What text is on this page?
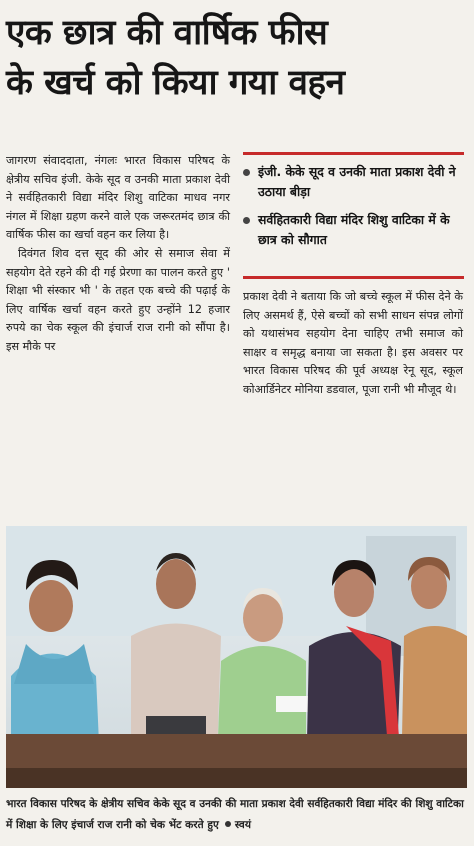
एक छात्र की वार्षिक फीस
के खर्च को किया गया वहन

जागरण संवाददाता, नंगलः भारत विकास परिषद के क्षेत्रीय सचिव इंजी. केके सूद व उनकी माता प्रकाश देवी ने सर्वहितकारी विद्या मंदिर शिशु वाटिका माधव नगर नंगल में शिक्षा ग्रहण करने वाले एक जरूरतमंद छात्र की वार्षिक फीस का खर्चा वहन कर लिया है।

दिवंगत शिव दत्त सूद की ओर से समाज सेवा में सहयोग देते रहने की दी गई प्रेरणा का पालन करते हुए ' शिक्षा भी संस्कार भी ' के तहत एक बच्चे की पढ़ाई के लिए वार्षिक खर्चा वहन करते हुए उन्होंने 12 हजार रुपये का चेक स्कूल की इंचार्ज राज रानी को सौंपा है। इस मौके पर

इंजी. केके सूद व उनकी माता प्रकाश देवी ने उठाया बीड़ा
सर्वहितकारी विद्या मंदिर शिशु वाटिका में के छात्र को सौगात

प्रकाश देवी ने बताया कि जो बच्चे स्कूल में फीस देने के लिए असमर्थ हैं, ऐसे बच्चों को सभी साधन संपन्न लोगों को यथासंभव सहयोग देना चाहिए तभी समाज को साक्षर व समृद्ध बनाया जा सकता है। इस अवसर पर भारत विकास परिषद की पूर्व अध्यक्ष रेनू सूद, स्कूल कोआर्डिनेटर मोनिया डडवाल, पूजा रानी भी मौजूद थे।

भारत विकास परिषद के क्षेत्रीय सचिव केके सूद व उनकी की माता प्रकाश देवी सर्वहितकारी विद्या मंदिर की शिशु वाटिका में शिक्षा के लिए इंचार्ज राज रानी को चेक भेंट करते हुए स्वयं
